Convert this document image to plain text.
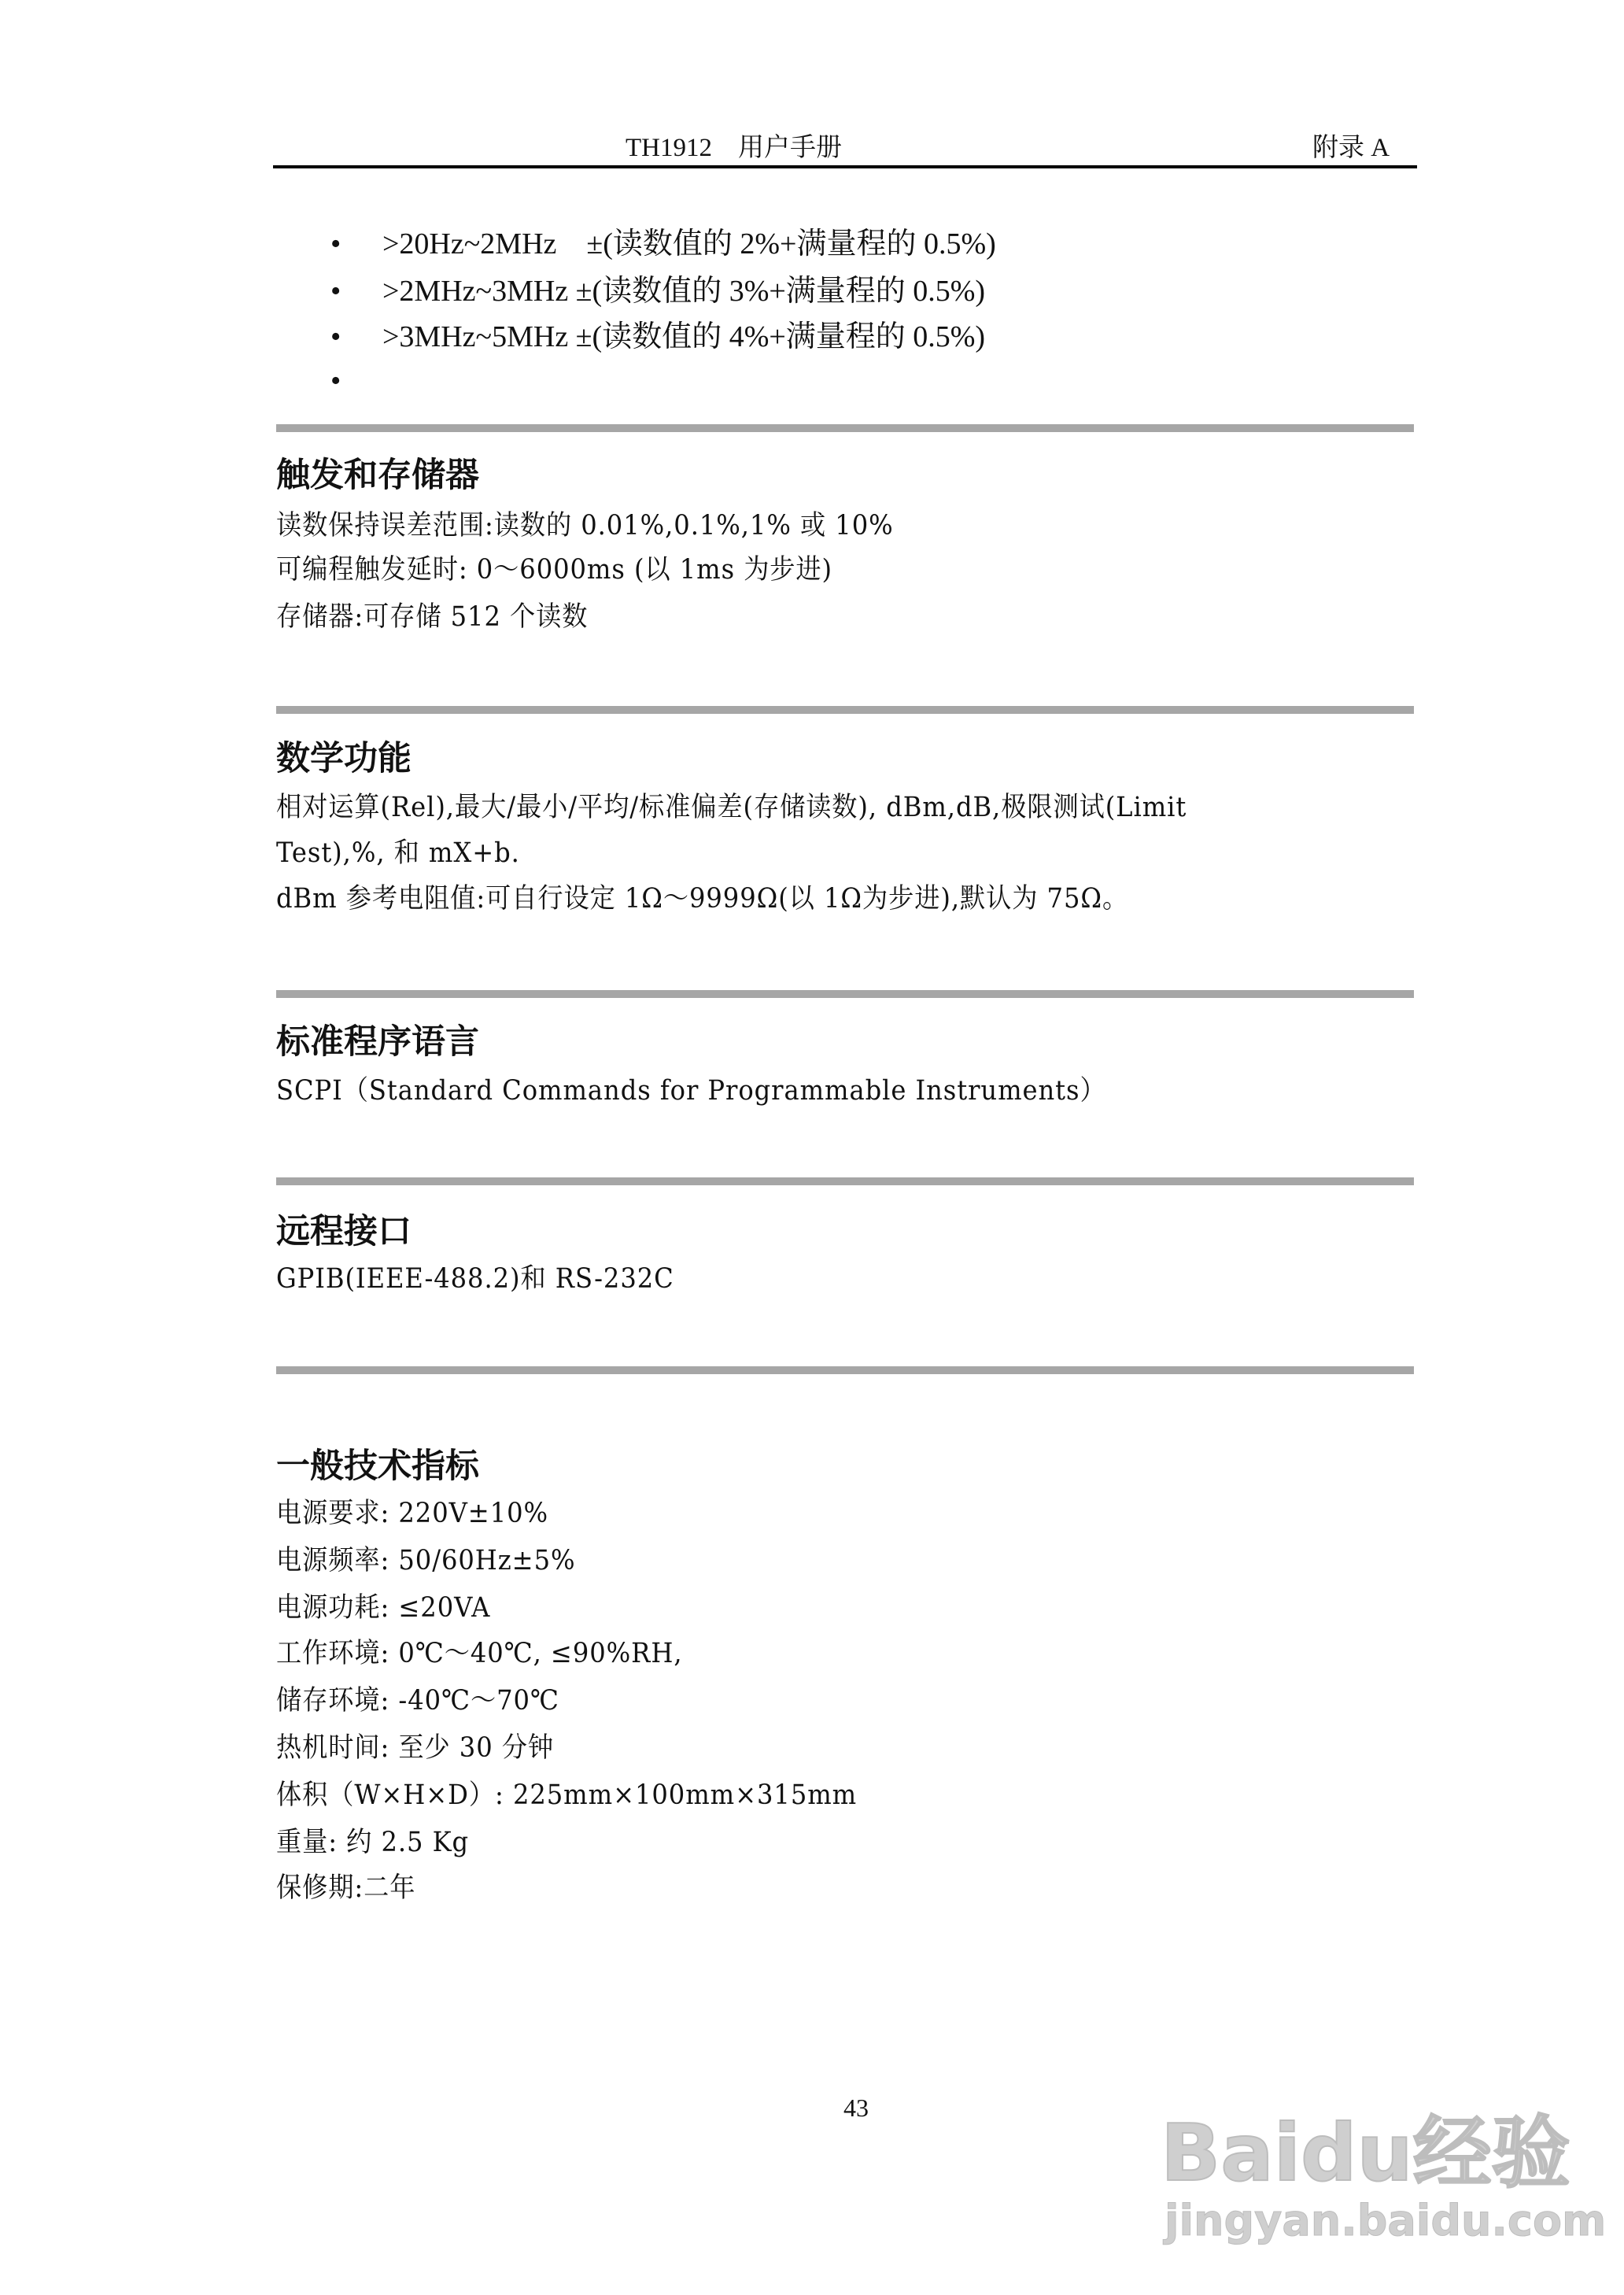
TH1912　用户手册	附录 A
• >20Hz~2MHz　±(读数值的 2%+满量程的 0.5%)
• >2MHz~3MHz ±(读数值的 3%+满量程的 0.5%)
• >3MHz~5MHz ±(读数值的 4%+满量程的 0.5%)
•
触发和存储器
读数保持误差范围:读数的 0.01%,0.1%,1% 或 10%
可编程触发延时: 0～6000ms (以 1ms 为步进)
存储器:可存储 512 个读数
数学功能
相对运算(Rel),最大/最小/平均/标准偏差(存储读数), dBm,dB,极限测试(Limit
Test),%, 和 mX+b.
dBm 参考电阻值:可自行设定 1Ω～9999Ω(以 1Ω为步进),默认为 75Ω。
标准程序语言
SCPI（Standard Commands for Programmable Instruments）
远程接口
GPIB(IEEE-488.2)和 RS-232C
一般技术指标
电源要求: 220V±10%
电源频率: 50/60Hz±5%
电源功耗: ≤20VA
工作环境: 0℃～40℃, ≤90%RH,
储存环境: -40℃～70℃
热机时间: 至少 30 分钟
体积（W×H×D）: 225mm×100mm×315mm
重量: 约 2.5 Kg
保修期:二年
43	Baidu经验
jingyan.baidu.com
